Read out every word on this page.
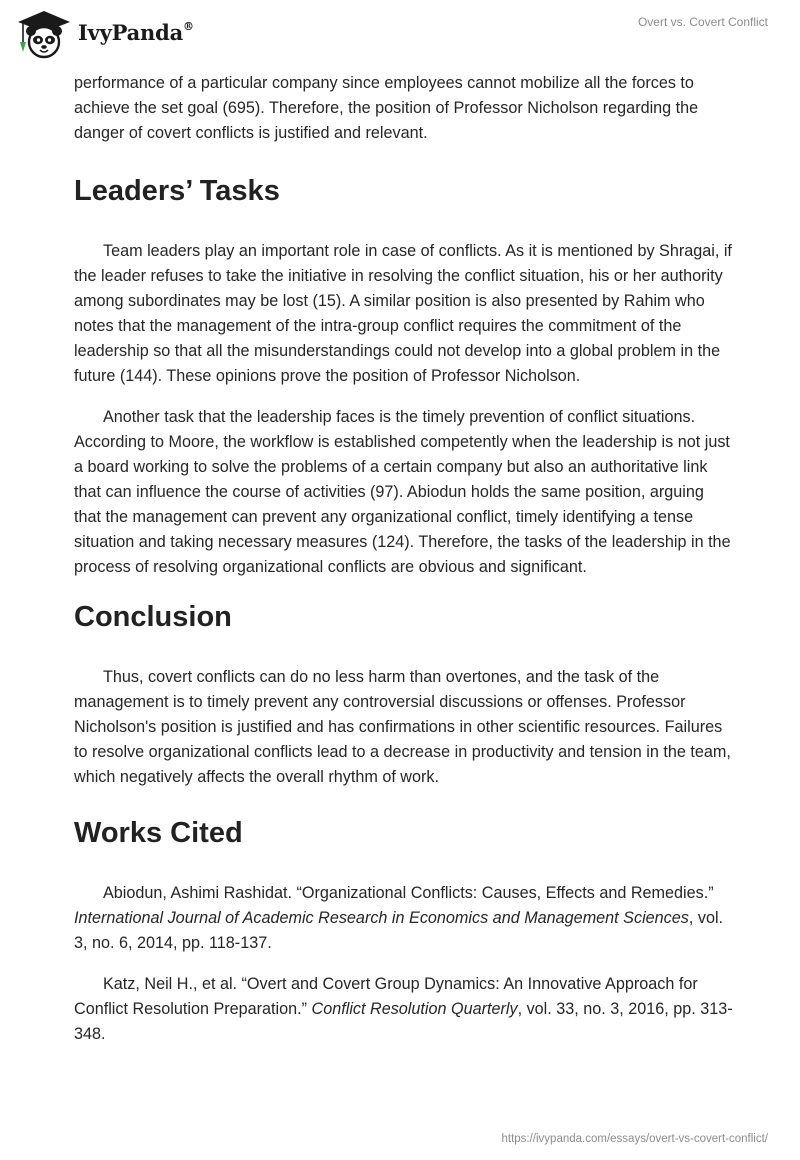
IvyPanda®	Overt vs. Covert Conflict

performance of a particular company since employees cannot mobilize all the forces to achieve the set goal (695). Therefore, the position of Professor Nicholson regarding the danger of covert conflicts is justified and relevant.

Leaders’ Tasks

Team leaders play an important role in case of conflicts. As it is mentioned by Shragai, if the leader refuses to take the initiative in resolving the conflict situation, his or her authority among subordinates may be lost (15). A similar position is also presented by Rahim who notes that the management of the intra-group conflict requires the commitment of the leadership so that all the misunderstandings could not develop into a global problem in the future (144). These opinions prove the position of Professor Nicholson.

Another task that the leadership faces is the timely prevention of conflict situations. According to Moore, the workflow is established competently when the leadership is not just a board working to solve the problems of a certain company but also an authoritative link that can influence the course of activities (97). Abiodun holds the same position, arguing that the management can prevent any organizational conflict, timely identifying a tense situation and taking necessary measures (124). Therefore, the tasks of the leadership in the process of resolving organizational conflicts are obvious and significant.

Conclusion

Thus, covert conflicts can do no less harm than overtones, and the task of the management is to timely prevent any controversial discussions or offenses. Professor Nicholson's position is justified and has confirmations in other scientific resources. Failures to resolve organizational conflicts lead to a decrease in productivity and tension in the team, which negatively affects the overall rhythm of work.

Works Cited

Abiodun, Ashimi Rashidat. “Organizational Conflicts: Causes, Effects and Remedies.” International Journal of Academic Research in Economics and Management Sciences, vol. 3, no. 6, 2014, pp. 118-137.

Katz, Neil H., et al. “Overt and Covert Group Dynamics: An Innovative Approach for Conflict Resolution Preparation.” Conflict Resolution Quarterly, vol. 33, no. 3, 2016, pp. 313-348.

https://ivypanda.com/essays/overt-vs-covert-conflict/
